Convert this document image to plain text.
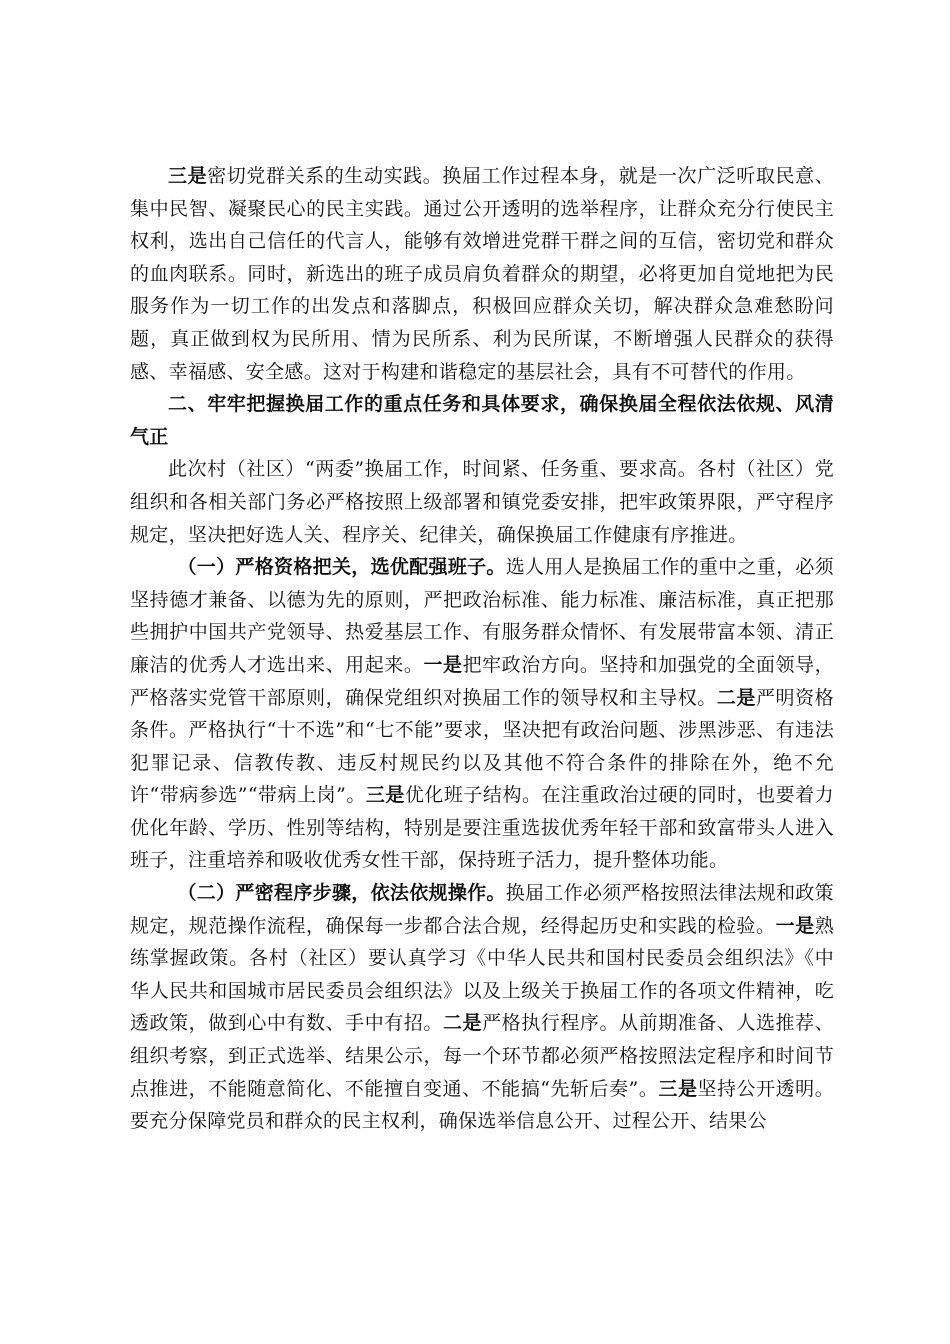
三是密切党群关系的生动实践。换届工作过程本身，就是一次广泛听取民意、集中民智、凝聚民心的民主实践。通过公开透明的选举程序，让群众充分行使民主权利，选出自己信任的代言人，能够有效增进党群干群之间的互信，密切党和群众的血肉联系。同时，新选出的班子成员肩负着群众的期望，必将更加自觉地把为民服务作为一切工作的出发点和落脚点，积极回应群众关切，解决群众急难愁盼问题，真正做到权为民所用、情为民所系、利为民所谋，不断增强人民群众的获得感、幸福感、安全感。这对于构建和谐稳定的基层社会，具有不可替代的作用。

二、牢牢把握换届工作的重点任务和具体要求，确保换届全程依法依规、风清气正

此次村（社区）“两委”换届工作，时间紧、任务重、要求高。各村（社区）党组织和各相关部门务必严格按照上级部署和镇党委安排，把牢政策界限，严守程序规定，坚决把好选人关、程序关、纪律关，确保换届工作健康有序推进。

（一）严格资格把关，选优配强班子。选人用人是换届工作的重中之重，必须坚持德才兼备、以德为先的原则，严把政治标准、能力标准、廉洁标准，真正把那些拥护中国共产党领导、热爱基层工作、有服务群众情怀、有发展带富本领、清正廉洁的优秀人才选出来、用起来。一是把牢政治方向。坚持和加强党的全面领导，严格落实党管干部原则，确保党组织对换届工作的领导权和主导权。二是严明资格条件。严格执行“十不选”和“七不能”要求，坚决把有政治问题、涉黑涉恶、有违法犯罪记录、信教传教、违反村规民约以及其他不符合条件的排除在外，绝不允许“带病参选”“带病上岗”。三是优化班子结构。在注重政治过硬的同时，也要着力优化年龄、学历、性别等结构，特别是要注重选拔优秀年轻干部和致富带头人进入班子，注重培养和吸收优秀女性干部，保持班子活力，提升整体功能。

（二）严密程序步骤，依法依规操作。换届工作必须严格按照法律法规和政策规定，规范操作流程，确保每一步都合法合规，经得起历史和实践的检验。一是熟练掌握政策。各村（社区）要认真学习《中华人民共和国村民委员会组织法》《中华人民共和国城市居民委员会组织法》以及上级关于换届工作的各项文件精神，吃透政策，做到心中有数、手中有招。二是严格执行程序。从前期准备、人选推荐、组织考察，到正式选举、结果公示，每一个环节都必须严格按照法定程序和时间节点推进，不能随意简化、不能擅自变通、不能搞“先斩后奏”。三是坚持公开透明。要充分保障党员和群众的民主权利，确保选举信息公开、过程公开、结果公
